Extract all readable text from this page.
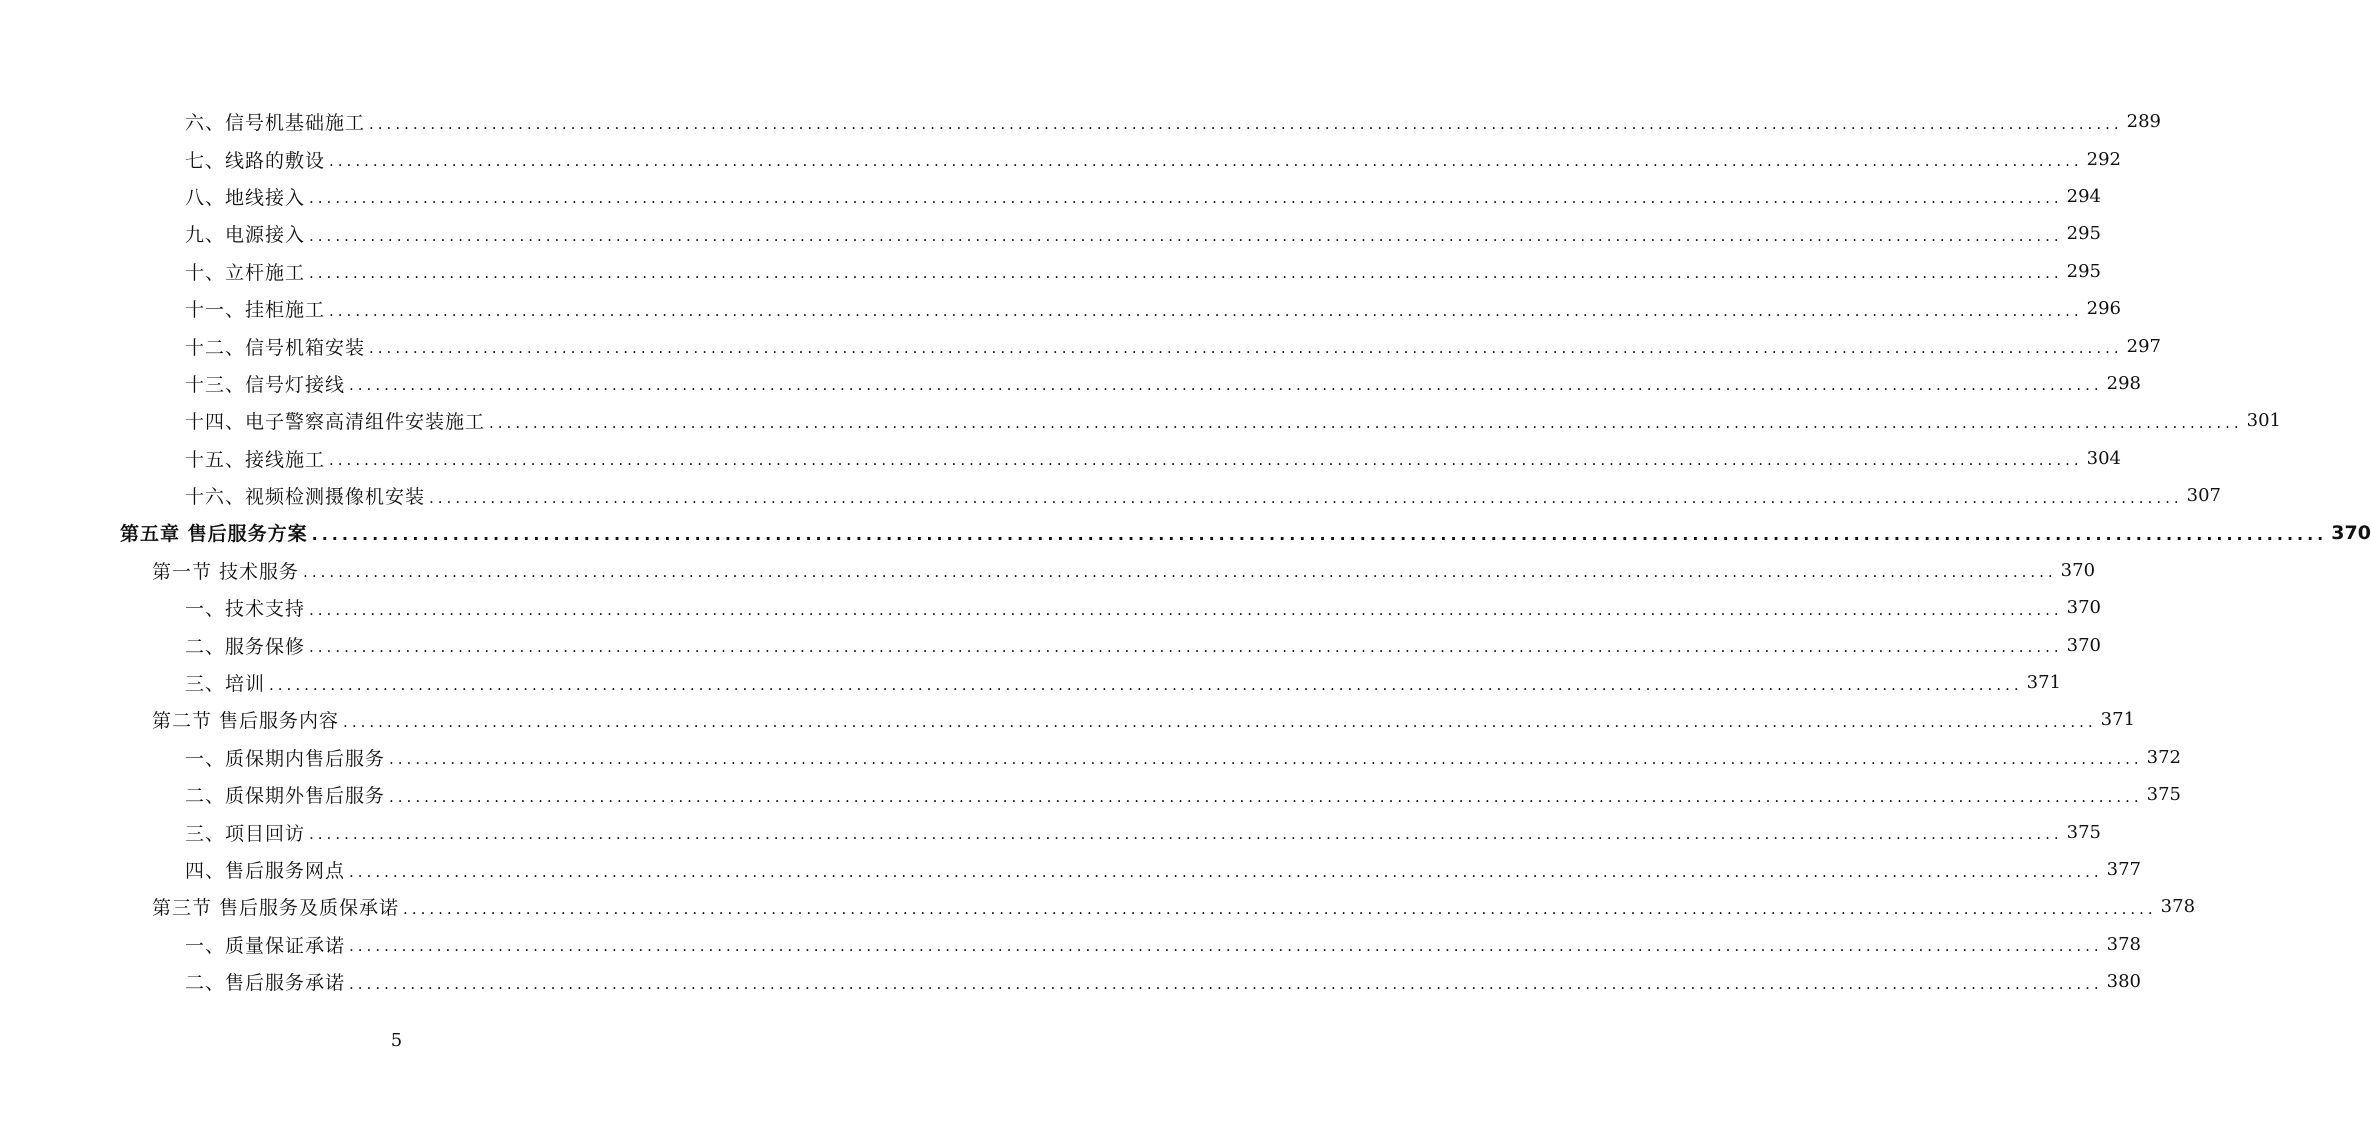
六、信号机基础施工 ........................................................................................................................................................................................................ 289
七、线路的敷设 ........................................................................................................................................................................................................ 292
八、地线接入 ........................................................................................................................................................................................................ 294
九、电源接入 ........................................................................................................................................................................................................ 295
十、立杆施工 ........................................................................................................................................................................................................ 295
十一、挂柜施工 ........................................................................................................................................................................................................ 296
十二、信号机箱安装 ........................................................................................................................................................................................................ 297
十三、信号灯接线 ........................................................................................................................................................................................................ 298
十四、电子警察高清组件安装施工 ........................................................................................................................................................................................................ 301
十五、接线施工 ........................................................................................................................................................................................................ 304
十六、视频检测摄像机安装 ........................................................................................................................................................................................................ 307
第五章 售后服务方案 ........................................................................................................................................................................................................ 370
第一节 技术服务 ........................................................................................................................................................................................................ 370
一、技术支持 ........................................................................................................................................................................................................ 370
二、服务保修 ........................................................................................................................................................................................................ 370
三、培训 ........................................................................................................................................................................................................ 371
第二节 售后服务内容 ........................................................................................................................................................................................................ 371
一、质保期内售后服务 ........................................................................................................................................................................................................ 372
二、质保期外售后服务 ........................................................................................................................................................................................................ 375
三、项目回访 ........................................................................................................................................................................................................ 375
四、售后服务网点 ........................................................................................................................................................................................................ 377
第三节 售后服务及质保承诺 ........................................................................................................................................................................................................ 378
一、质量保证承诺 ........................................................................................................................................................................................................ 378
二、售后服务承诺 ........................................................................................................................................................................................................ 380
5
